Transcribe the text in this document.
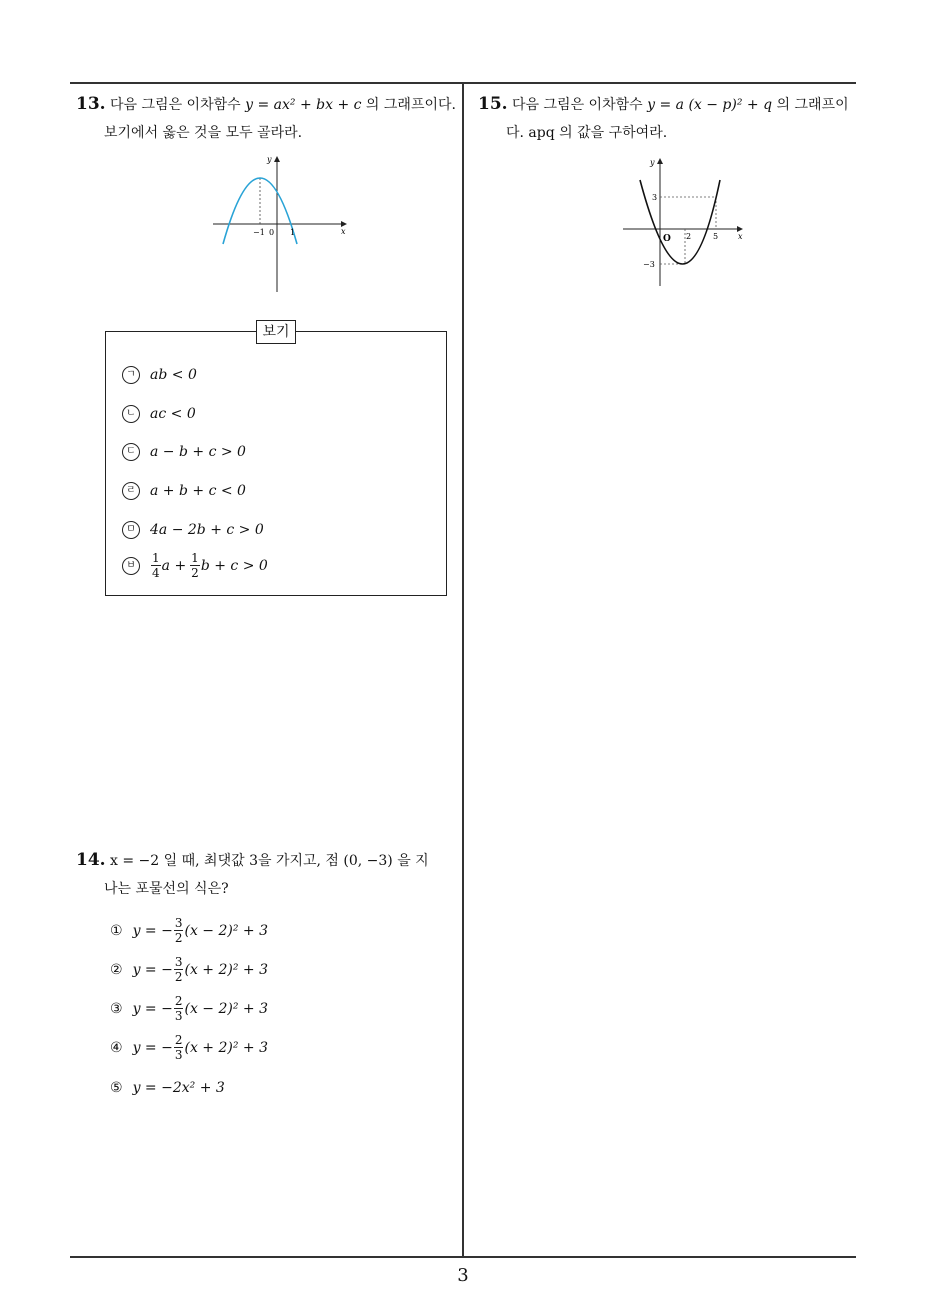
13. 다음 그림은 이차함수 y = ax² + bx + c 의 그래프이다.
보기에서 옳은 것을 모두 골라라.
y
x
−1 0 1
보기
ㄱ ab < 0
ㄴ ac < 0
ㄷ a − b + c > 0
ㄹ a + b + c < 0
ㅁ 4a − 2b + c > 0
ㅂ	$\frac{1}{4}$ $a + \frac{1}{2}$ b + c > 0
14. x = −2 일 때, 최댓값 3을 가지고, 점 (0, −3) 을 지
나는 포물선의 식은?
① y = − $\frac{3}{2} (x - 2)^2 + 3$
② y = − $\frac{3}{2} (x + 2)^2 + 3$
③ y = − $\frac{2}{3} (x - 2)^2 + 3$
④ y = − $\frac{2}{3} (x + 2)^2 + 3$
⑤ y = −2x² + 3
15. 다음 그림은 이차함수 y = a (x − p)² + q 의 그래프이
다. apq 의 값을 구하여라.
y
x
O 2	5
3
−3
3
